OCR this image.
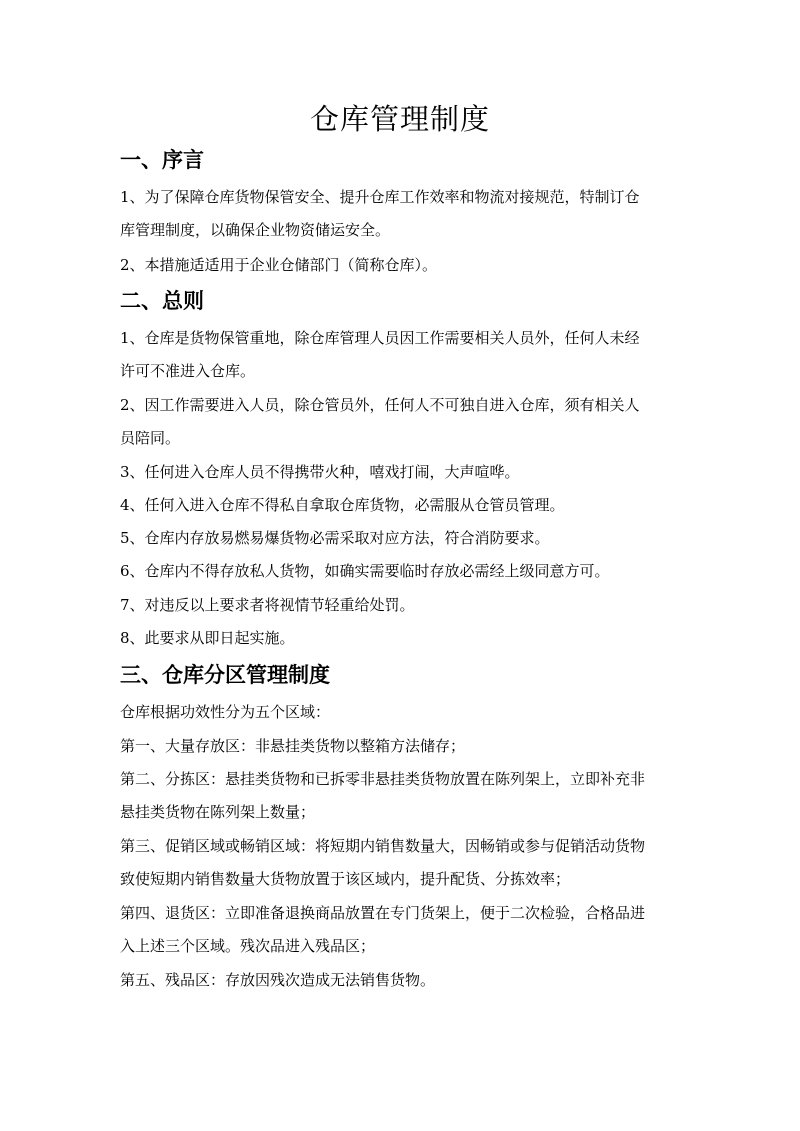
仓库管理制度
一、序言
1、为了保障仓库货物保管安全、提升仓库工作效率和物流对接规范，特制订仓
库管理制度，以确保企业物资储运安全。
2、本措施适适用于企业仓储部门（简称仓库）。
二、总则
1、仓库是货物保管重地，除仓库管理人员因工作需要相关人员外，任何人未经
许可不准进入仓库。
2、因工作需要进入人员，除仓管员外，任何人不可独自进入仓库，须有相关人
员陪同。
3、任何进入仓库人员不得携带火种，嘻戏打闹，大声喧哗。
4、任何入进入仓库不得私自拿取仓库货物，必需服从仓管员管理。
5、仓库内存放易燃易爆货物必需采取对应方法，符合消防要求。
6、仓库内不得存放私人货物，如确实需要临时存放必需经上级同意方可。
7、对违反以上要求者将视情节轻重给处罚。
8、此要求从即日起实施。
三、仓库分区管理制度
仓库根据功效性分为五个区域：
第一、大量存放区：非悬挂类货物以整箱方法储存；
第二、分拣区：悬挂类货物和已拆零非悬挂类货物放置在陈列架上，立即补充非
悬挂类货物在陈列架上数量；
第三、促销区域或畅销区域：将短期内销售数量大，因畅销或参与促销活动货物
致使短期内销售数量大货物放置于该区域内，提升配货、分拣效率；
第四、退货区：立即准备退换商品放置在专门货架上，便于二次检验，合格品进
入上述三个区域。残次品进入残品区；
第五、残品区：存放因残次造成无法销售货物。
